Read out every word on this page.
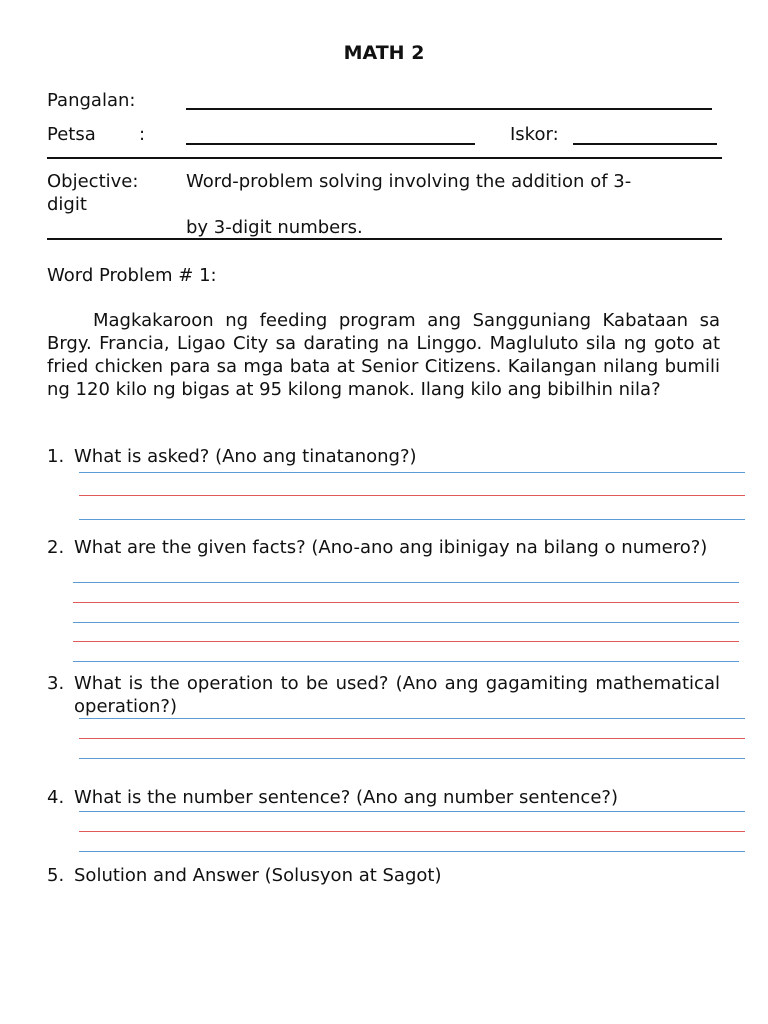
MATH 2
Pangalan:
Petsa :	Iskor:
Objective:	Word-problem solving involving the addition of 3-
digit
by 3-digit numbers.
Word Problem # 1:
Magkakaroon ng feeding program ang Sangguniang Kabataan sa Brgy. Francia, Ligao City sa darating na Linggo. Magluluto sila ng goto at fried chicken para sa mga bata at Senior Citizens. Kailangan nilang bumili ng 120 kilo ng bigas at 95 kilong manok. Ilang kilo ang bibilhin nila?
1. What is asked? (Ano ang tinatanong?)
2. What are the given facts? (Ano-ano ang ibinigay na bilang o numero?)
3. What is the operation to be used? (Ano ang gagamiting mathematical operation?)
4. What is the number sentence? (Ano ang number sentence?)
5. Solution and Answer (Solusyon at Sagot)
